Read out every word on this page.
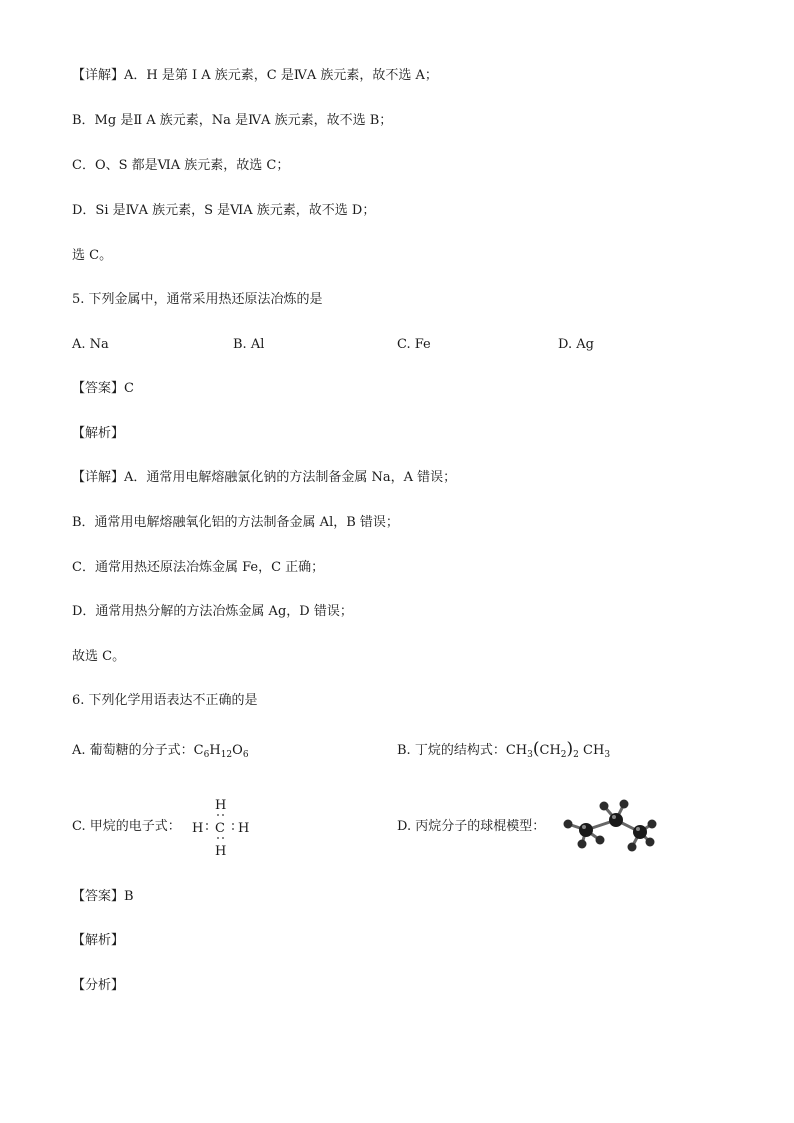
【详解】A．H 是第 I A 族元素，C 是ⅣA 族元素，故不选 A；
B．Mg 是Ⅱ A 族元素，Na 是ⅣA 族元素，故不选 B；
C．O、S 都是ⅥA 族元素，故选 C；
D．Si 是ⅣA 族元素，S 是ⅥA 族元素，故不选 D；
选 C。
5. 下列金属中，通常采用热还原法冶炼的是
A. Na	B. Al	C. Fe	D. Ag
【答案】C
【解析】
【详解】A．通常用电解熔融氯化钠的方法制备金属 Na，A 错误；
B．通常用电解熔融氧化铝的方法制备金属 Al，B 错误；
C．通常用热还原法冶炼金属 Fe，C 正确；
D．通常用热分解的方法冶炼金属 Ag，D 错误；
故选 C。
6. 下列化学用语表达不正确的是
A. 葡萄糖的分子式：$C_6H_{12}O_6$	B. 丁烷的结构式：$CH_3(CH_2)_2$ $CH_3$
C. 甲烷的电子式：
H
H C H
H
D. 丙烷分子的球棍模型：
【答案】B
【解析】
【分析】
